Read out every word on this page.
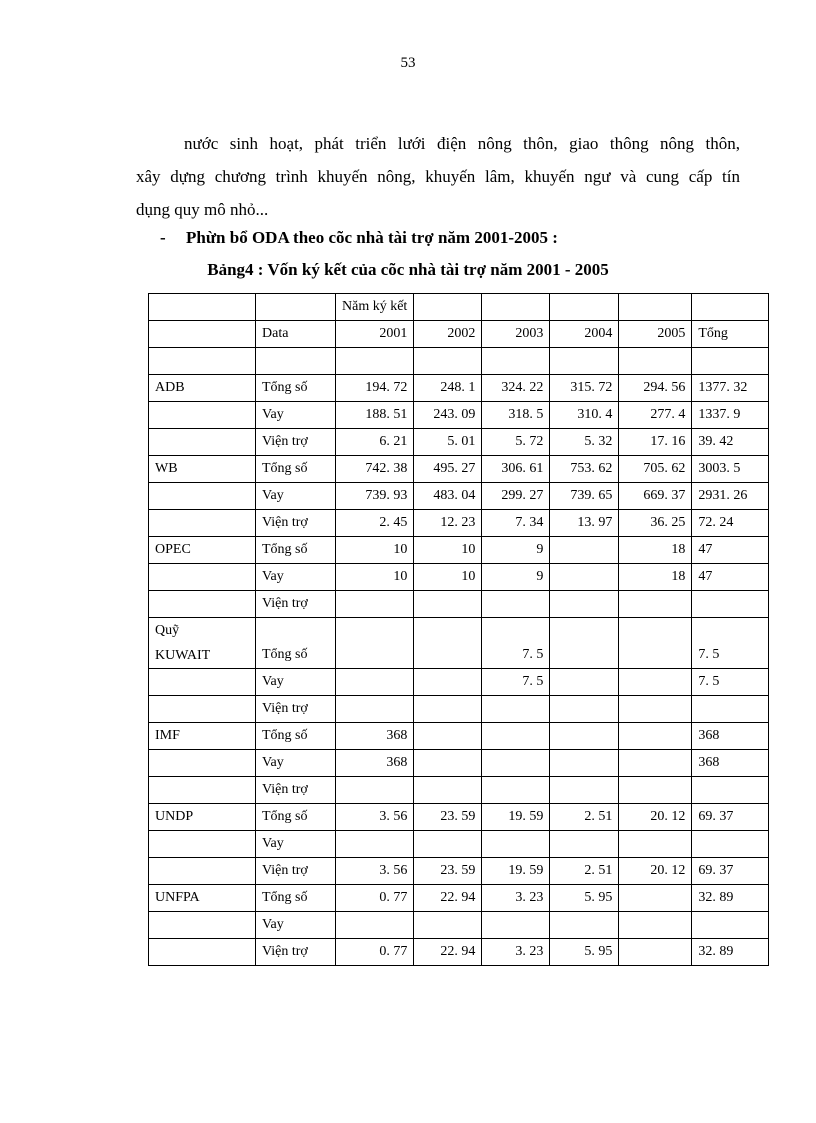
53
nước sinh hoạt, phát triển lưới điện nông thôn, giao thông nông thôn,
xây dựng chương trình khuyến nông, khuyến lâm, khuyến ngư và cung cấp tín
dụng quy mô nhỏ...
- Phừn bổ ODA theo cõc nhà tài trợ năm 2001-2005 :
Bảng4 : Vốn ký kết của cõc nhà tài trợ năm 2001 - 2005
		Năm ký kết					
	Data	2001	2002	2003	2004	2005	Tổng

ADB	Tổng số	194. 72	248. 1	324. 22	315. 72	294. 56	1377. 32
	Vay	188. 51	243. 09	318. 5	310. 4	277. 4	1337. 9
	Viện trợ	6. 21	5. 01	5. 72	5. 32	17. 16	39. 42
WB	Tổng số	742. 38	495. 27	306. 61	753. 62	705. 62	3003. 5
	Vay	739. 93	483. 04	299. 27	739. 65	669. 37	2931. 26
	Viện trợ	2. 45	12. 23	7. 34	13. 97	36. 25	72. 24
OPEC	Tổng số	10	10	9		18	47
	Vay	10	10	9		18	47
	Viện trợ						

Quỹ
KUWAIT	Tổng số			7. 5			7. 5
	Vay			7. 5			7. 5
	Viện trợ						
IMF	Tổng số	368					368
	Vay	368					368
	Viện trợ						
UNDP	Tổng số	3. 56	23. 59	19. 59	2. 51	20. 12	69. 37
	Vay						
	Viện trợ	3. 56	23. 59	19. 59	2. 51	20. 12	69. 37
UNFPA	Tổng số	0. 77	22. 94	3. 23	5. 95		32. 89
	Vay						
	Viện trợ	0. 77	22. 94	3. 23	5. 95		32. 89
